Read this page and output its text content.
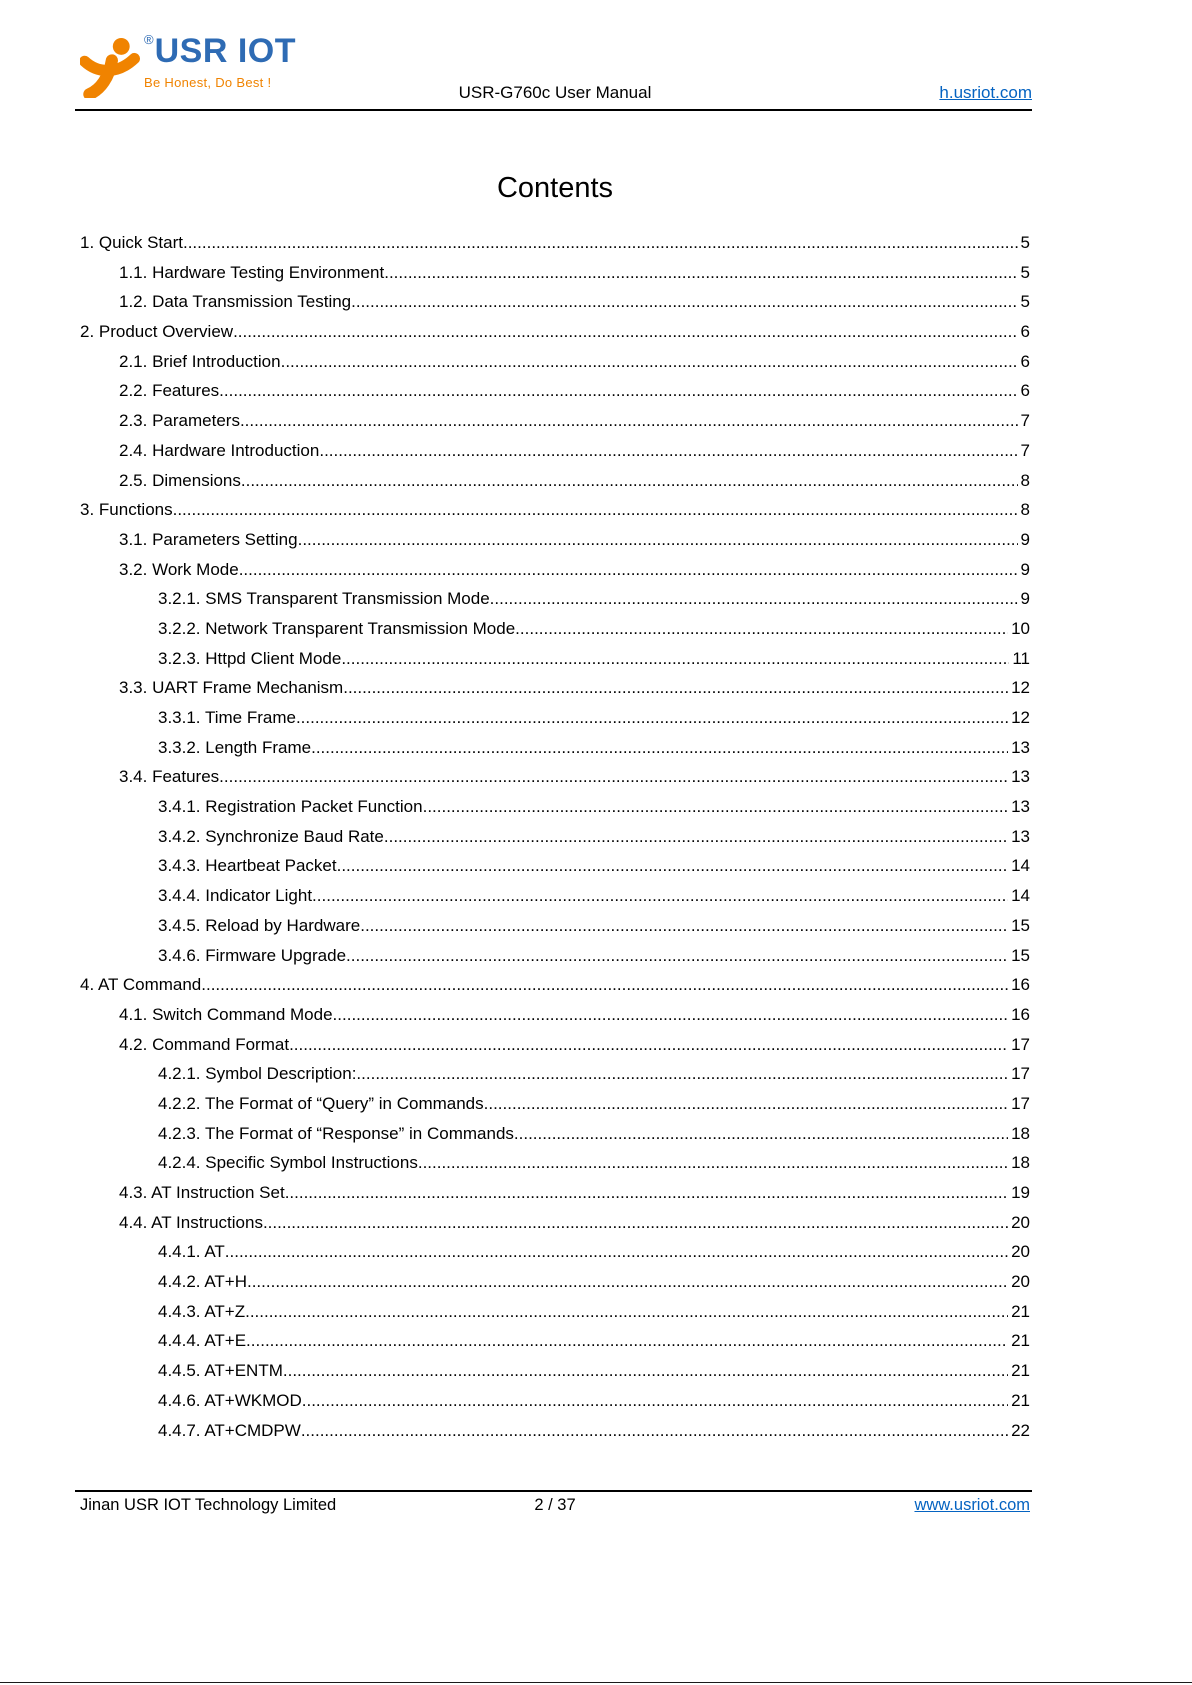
®USR IOT
Be Honest, Do Best !
USR-G760c User Manual	h.usriot.com
Contents
1. Quick Start .....	5
1.1. Hardware Testing Environment .....	5
1.2. Data Transmission Testing .....	5
2. Product Overview .....	6
2.1. Brief Introduction .....	6
2.2. Features .....	6
2.3. Parameters .....	7
2.4. Hardware Introduction .....	7
2.5. Dimensions .....	8
3. Functions .....	8
3.1. Parameters Setting .....	9
3.2. Work Mode .....	9
3.2.1. SMS Transparent Transmission Mode .....	9
3.2.2. Network Transparent Transmission Mode .....	10
3.2.3. Httpd Client Mode .....	11
3.3. UART Frame Mechanism .....	12
3.3.1. Time Frame .....	12
3.3.2. Length Frame .....	13
3.4. Features .....	13
3.4.1. Registration Packet Function .....	13
3.4.2. Synchronize Baud Rate .....	13
3.4.3. Heartbeat Packet .....	14
3.4.4. Indicator Light .....	14
3.4.5. Reload by Hardware .....	15
3.4.6. Firmware Upgrade .....	15
4. AT Command .....	16
4.1. Switch Command Mode .....	16
4.2. Command Format .....	17
4.2.1. Symbol Description: .....	17
4.2.2. The Format of “Query” in Commands .....	17
4.2.3. The Format of “Response” in Commands .....	18
4.2.4. Specific Symbol Instructions .....	18
4.3. AT Instruction Set .....	19
4.4. AT Instructions .....	20
4.4.1. AT .....	20
4.4.2. AT+H .....	20
4.4.3. AT+Z .....	21
4.4.4. AT+E .....	21
4.4.5. AT+ENTM .....	21
4.4.6. AT+WKMOD .....	21
4.4.7. AT+CMDPW .....	22
Jinan USR IOT Technology Limited	2 / 37	www.usriot.com
